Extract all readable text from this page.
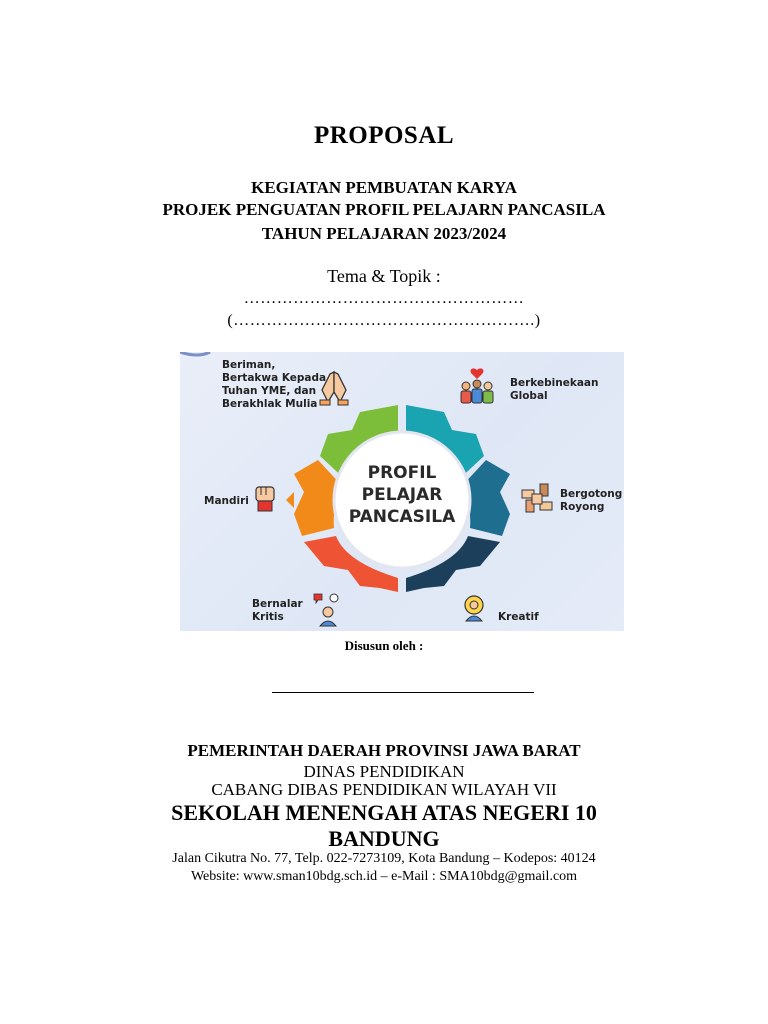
PROPOSAL
KEGIATAN PEMBUATAN KARYA
PROJEK PENGUATAN PROFIL PELAJARN PANCASILA
TAHUN PELAJARAN 2023/2024
Tema & Topik :
……………………………………………
(……………………………………………….)
PROFIL
PELAJAR
PANCASILA
Beriman,
Bertakwa Kepada
Tuhan YME, dan
Berakhlak Mulia
Berkebinekaan
Global
Bergotong
Royong
Kreatif
Bernalar
Kritis
Mandiri
Disusun oleh :
PEMERINTAH DAERAH PROVINSI JAWA BARAT
DINAS PENDIDIKAN
CABANG DIBAS PENDIDIKAN WILAYAH VII
SEKOLAH MENENGAH ATAS NEGERI 10
BANDUNG
Jalan Cikutra No. 77, Telp. 022-7273109, Kota Bandung – Kodepos: 40124
Website: www.sman10bdg.sch.id – e-Mail : SMA10bdg@gmail.com
